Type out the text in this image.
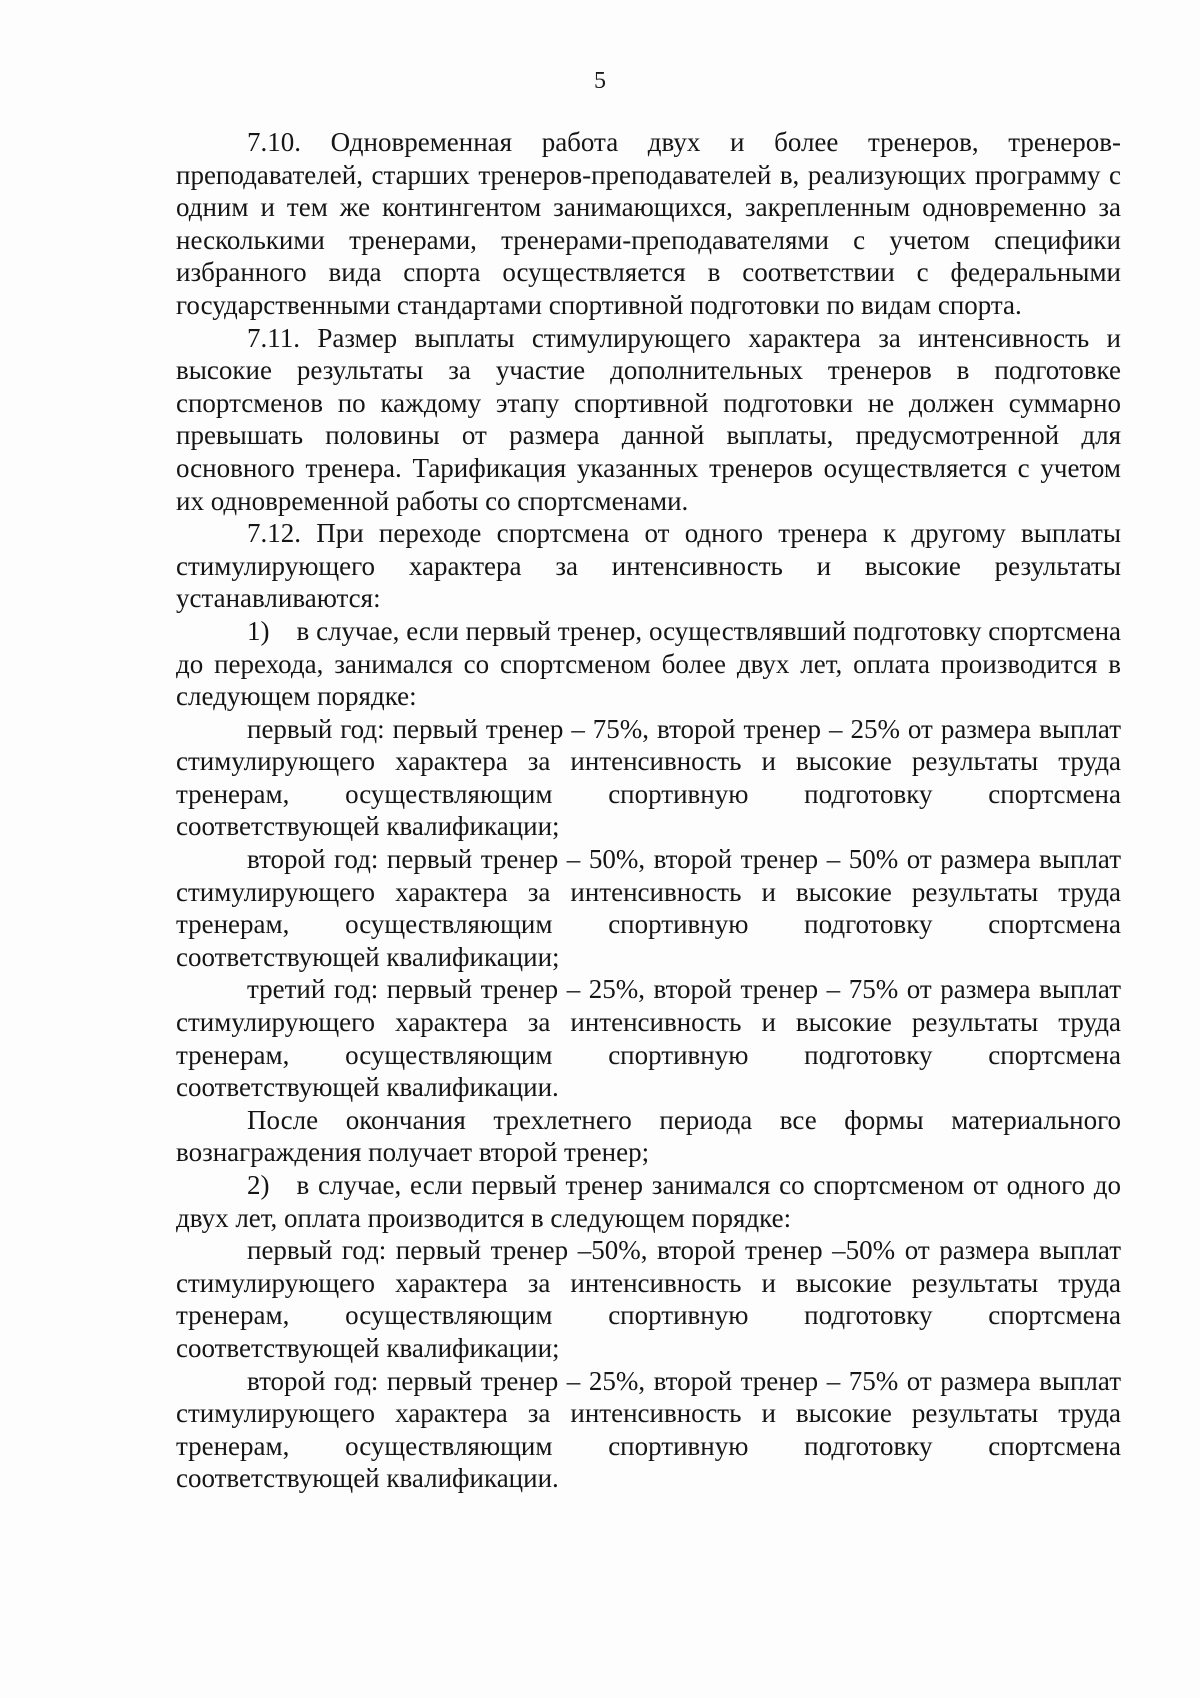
5

7.10. Одновременная работа двух и более тренеров, тренеров-преподавателей, старших тренеров-преподавателей в, реализующих программу с одним и тем же контингентом занимающихся, закрепленным одновременно за несколькими тренерами, тренерами-преподавателями с учетом специфики избранного вида спорта осуществляется в соответствии с федеральными государственными стандартами спортивной подготовки по видам спорта.

7.11. Размер выплаты стимулирующего характера за интенсивность и высокие результаты за участие дополнительных тренеров в подготовке спортсменов по каждому этапу спортивной подготовки не должен суммарно превышать половины от размера данной выплаты, предусмотренной для основного тренера. Тарификация указанных тренеров осуществляется с учетом их одновременной работы со спортсменами.

7.12. При переходе спортсмена от одного тренера к другому выплаты стимулирующего характера за интенсивность и высокие результаты устанавливаются:

1) в случае, если первый тренер, осуществлявший подготовку спортсмена до перехода, занимался со спортсменом более двух лет, оплата производится в следующем порядке:

первый год: первый тренер – 75%, второй тренер – 25% от размера выплат стимулирующего характера за интенсивность и высокие результаты труда тренерам, осуществляющим спортивную подготовку спортсмена соответствующей квалификации;

второй год: первый тренер – 50%, второй тренер – 50% от размера выплат стимулирующего характера за интенсивность и высокие результаты труда тренерам, осуществляющим спортивную подготовку спортсмена соответствующей квалификации;

третий год: первый тренер – 25%, второй тренер – 75% от размера выплат стимулирующего характера за интенсивность и высокие результаты труда тренерам, осуществляющим спортивную подготовку спортсмена соответствующей квалификации.

После окончания трехлетнего периода все формы материального вознаграждения получает второй тренер;

2) в случае, если первый тренер занимался со спортсменом от одного до двух лет, оплата производится в следующем порядке:

первый год: первый тренер –50%, второй тренер –50% от размера выплат стимулирующего характера за интенсивность и высокие результаты труда тренерам, осуществляющим спортивную подготовку спортсмена соответствующей квалификации;

второй год: первый тренер – 25%, второй тренер – 75% от размера выплат стимулирующего характера за интенсивность и высокие результаты труда тренерам, осуществляющим спортивную подготовку спортсмена соответствующей квалификации.
